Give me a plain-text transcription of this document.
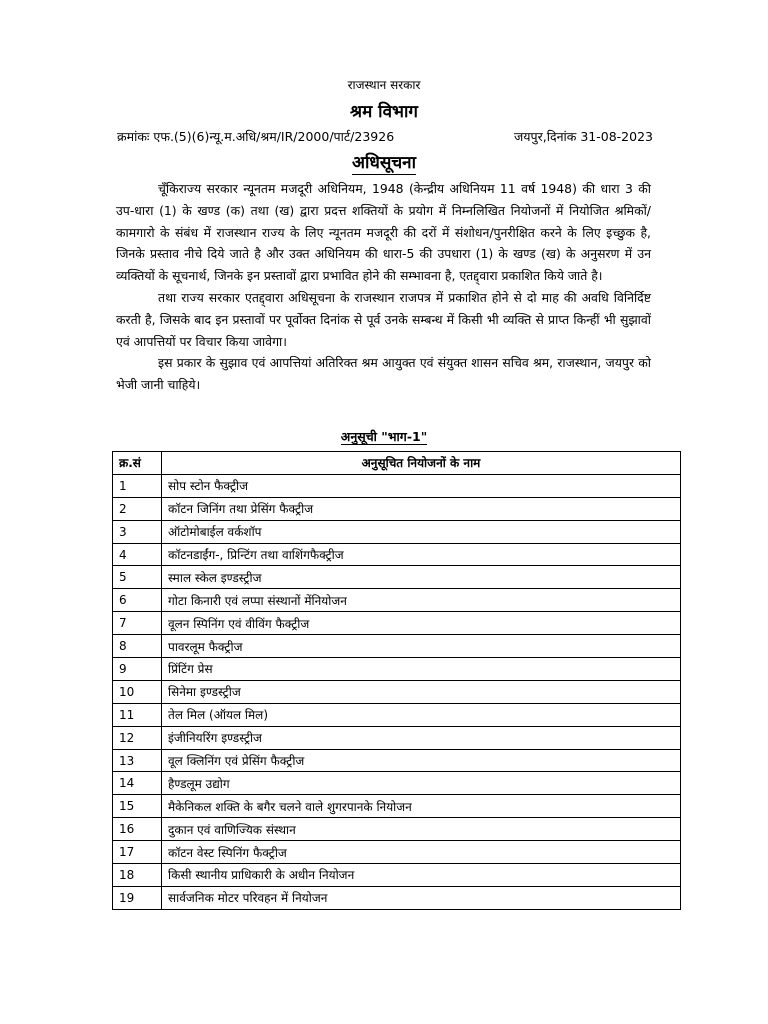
राजस्थान सरकार
श्रम विभाग
क्रमांकः एफ.(5)(6)न्यू.म.अधि/श्रम/IR/2000/पार्ट/23926	जयपुर,दिनांक 31-08-2023
अधिसूचना

चूँकिराज्य सरकार न्यूनतम मजदूरी अधिनियम, 1948 (केन्द्रीय अधिनियम 11 वर्ष 1948) की धारा 3 की उप-धारा (1) के खण्ड (क) तथा (ख) द्वारा प्रदत्त शक्तियों के प्रयोग में निम्नलिखित नियोजनों में नियोजित श्रमिकों/कामगारो के संबंध में राजस्थान राज्य के लिए न्यूनतम मजदूरी की दरों में संशोधन/पुनरीक्षित करने के लिए इच्छुक है, जिनके प्रस्ताव नीचे दिये जाते है और उक्त अधिनियम की धारा-5 की उपधारा (1) के खण्ड (ख) के अनुसरण में उन व्यक्तियों के सूचनार्थ, जिनके इन प्रस्तावों द्वारा प्रभावित होने की सम्भावना है, एतद्द्वारा प्रकाशित किये जाते है।

तथा राज्य सरकार एतद्द्वारा अधिसूचना के राजस्थान राजपत्र में प्रकाशित होने से दो माह की अवधि विनिर्दिष्ट करती है, जिसके बाद इन प्रस्तावों पर पूर्वोक्त दिनांक से पूर्व उनके सम्बन्ध में किसी भी व्यक्ति से प्राप्त किन्हीं भी सुझावों एवं आपत्तियों पर विचार किया जावेगा।

इस प्रकार के सुझाव एवं आपत्तियां अतिरिक्त श्रम आयुक्त एवं संयुक्त शासन सचिव श्रम, राजस्थान, जयपुर को भेजी जानी चाहिये।

अनुसूची "भाग-1"
क्र.सं	अनुसूचित नियोजनों के नाम
1	सोप स्टोन फैक्ट्रीज
2	कॉटन जिनिंग तथा प्रेसिंग फैक्ट्रीज
3	ऑटोमोबाईल वर्कशॉप
4	कॉटनडाईंग-, प्रिन्टिंग तथा वाशिंगफैक्ट्रीज
5	स्माल स्केल इण्डस्ट्रीज
6	गोटा किनारी एवं लप्पा संस्थानों मेंनियोजन
7	वूलन स्पिनिंग एवं वीविंग फैक्ट्रीज
8	पावरलूम फैक्ट्रीज
9	प्रिंटिंग प्रेस
10	सिनेमा इण्डस्ट्रीज
11	तेल मिल (ऑयल मिल)
12	इंजीनियरिंग इण्डस्ट्रीज
13	वूल क्लिनिंग एवं प्रेसिंग फैक्ट्रीज
14	हैण्डलूम उद्योग
15	मैकेनिकल शक्ति के बगैर चलने वाले शुगरपानके नियोजन
16	दुकान एवं वाणिज्यिक संस्थान
17	कॉटन वेस्ट स्पिनिंग फैक्ट्रीज
18	किसी स्थानीय प्राधिकारी के अधीन नियोजन
19	सार्वजनिक मोटर परिवहन में नियोजन
